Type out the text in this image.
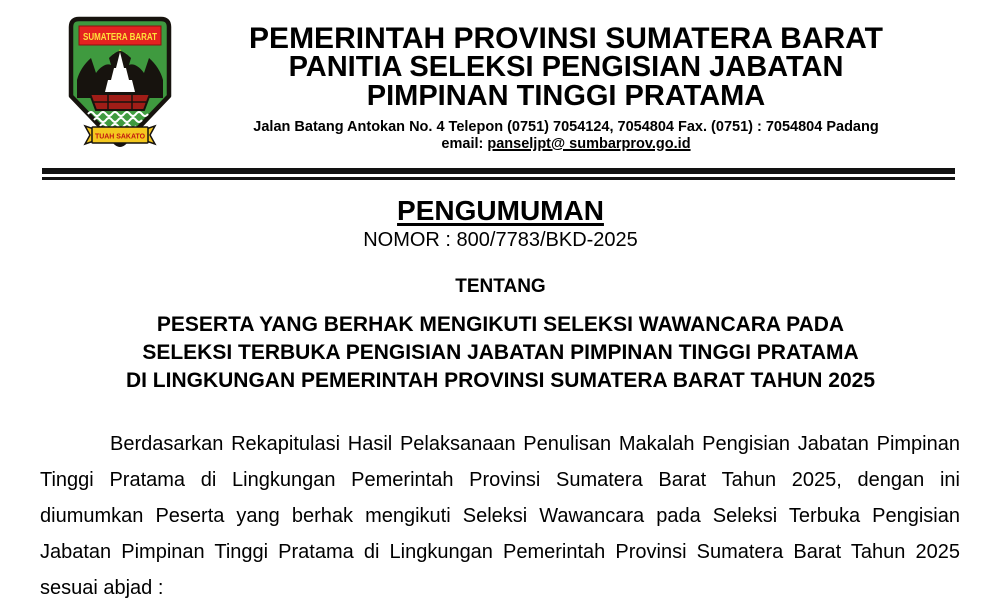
SUMATERA BARAT
TUAH SAKATO
PEMERINTAH PROVINSI SUMATERA BARAT
PANITIA SELEKSI PENGISIAN JABATAN
PIMPINAN TINGGI PRATAMA
Jalan Batang Antokan No. 4 Telepon (0751) 7054124, 7054804 Fax. (0751) : 7054804 Padang
email: panseljpt@ sumbarprov.go.id
PENGUMUMAN
NOMOR : 800/7783/BKD-2025
TENTANG
PESERTA YANG BERHAK MENGIKUTI SELEKSI WAWANCARA PADA
SELEKSI TERBUKA PENGISIAN JABATAN PIMPINAN TINGGI PRATAMA
DI LINGKUNGAN PEMERINTAH PROVINSI SUMATERA BARAT TAHUN 2025
Berdasarkan Rekapitulasi Hasil Pelaksanaan Penulisan Makalah Pengisian Jabatan Pimpinan
Tinggi Pratama di Lingkungan Pemerintah Provinsi Sumatera Barat Tahun 2025, dengan ini
diumumkan Peserta yang berhak mengikuti Seleksi Wawancara pada Seleksi Terbuka Pengisian
Jabatan Pimpinan Tinggi Pratama di Lingkungan Pemerintah Provinsi Sumatera Barat Tahun 2025
sesuai abjad :
